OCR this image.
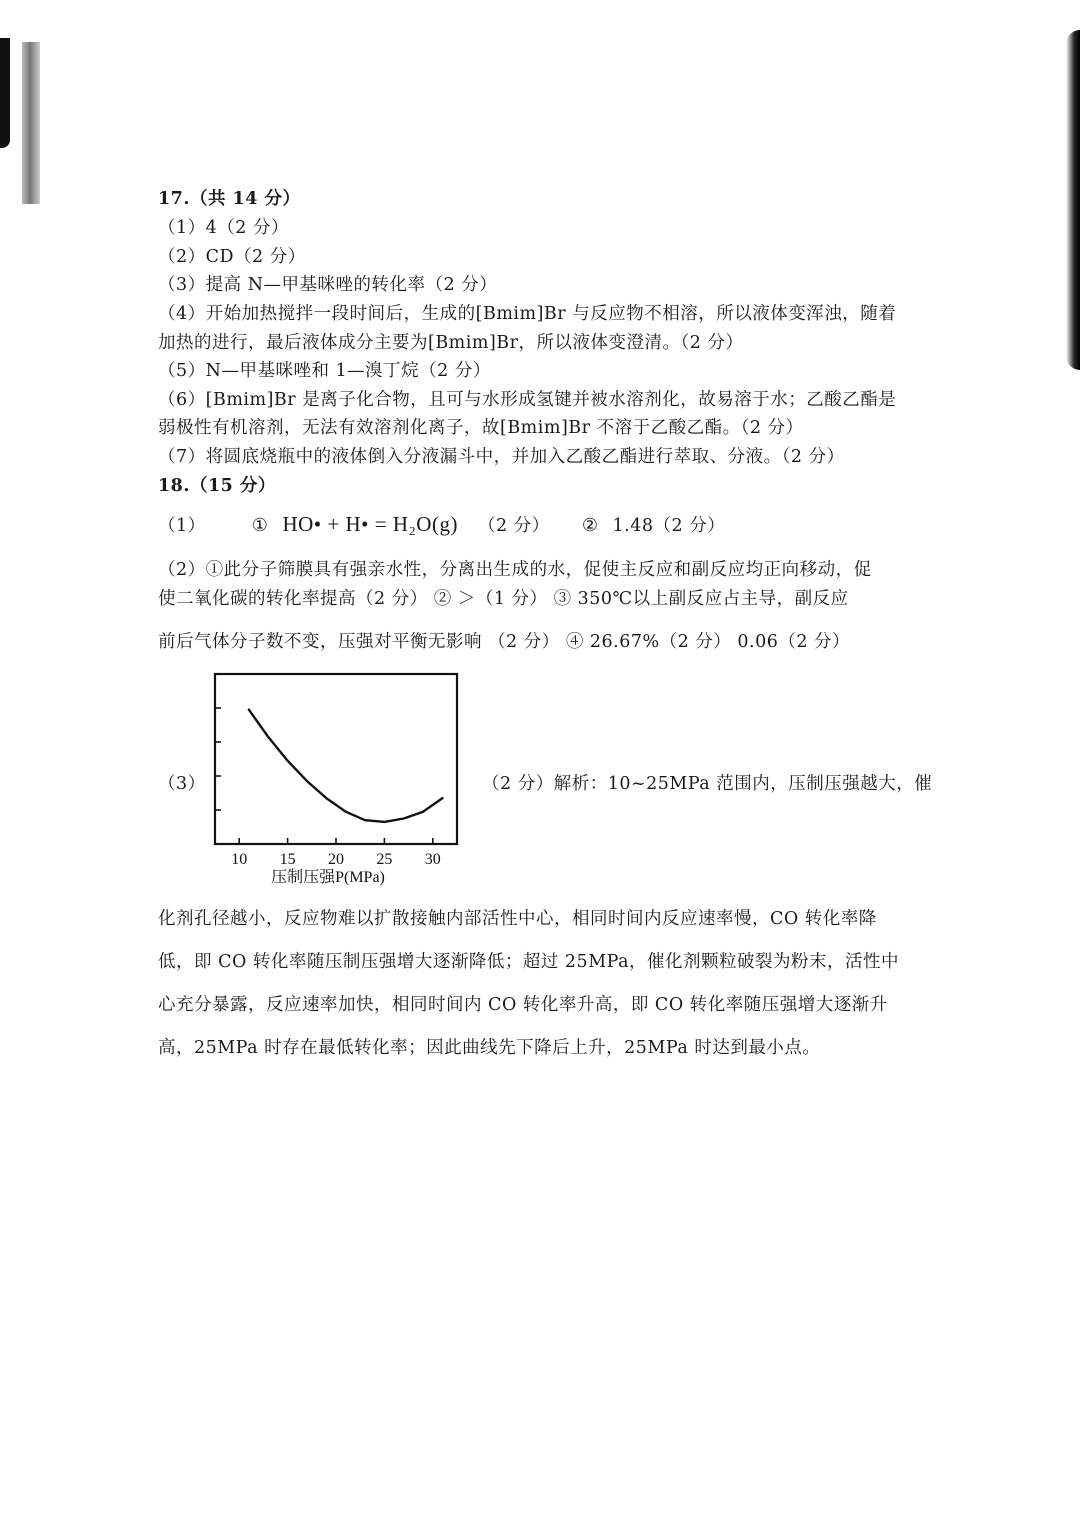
17.（共 14 分）
（1）4（2 分）
（2）CD（2 分）
（3）提高 N—甲基咪唑的转化率（2 分）
（4）开始加热搅拌一段时间后，生成的[Bmim]Br 与反应物不相溶，所以液体变浑浊，随着
加热的进行，最后液体成分主要为[Bmim]Br，所以液体变澄清。（2 分）
（5）N—甲基咪唑和 1—溴丁烷（2 分）
（6）[Bmim]Br 是离子化合物，且可与水形成氢键并被水溶剂化，故易溶于水；乙酸乙酯是
弱极性有机溶剂，无法有效溶剂化离子，故[Bmim]Br 不溶于乙酸乙酯。（2 分）
（7）将圆底烧瓶中的液体倒入分液漏斗中，并加入乙酸乙酯进行萃取、分液。（2 分）
18.（15 分）
（1）	① HO• + H• = H₂O(g) （2 分） ② 1.48（2 分）
（2）①此分子筛膜具有强亲水性，分离出生成的水，促使主反应和副反应均正向移动，促
使二氧化碳的转化率提高（2 分） ② ＞（1 分） ③ 350℃以上副反应占主导，副反应
前后气体分子数不变，压强对平衡无影响 （2 分） ④ 26.67%（2 分） 0.06（2 分）
（3）
10 15 20 25 30
压制压强P(MPa)
（2 分）解析：10~25MPa 范围内，压制压强越大，催
化剂孔径越小，反应物难以扩散接触内部活性中心，相同时间内反应速率慢，CO 转化率降
低，即 CO 转化率随压制压强增大逐渐降低；超过 25MPa，催化剂颗粒破裂为粉末，活性中
心充分暴露，反应速率加快，相同时间内 CO 转化率升高，即 CO 转化率随压强增大逐渐升
高，25MPa 时存在最低转化率；因此曲线先下降后上升，25MPa 时达到最小点。
